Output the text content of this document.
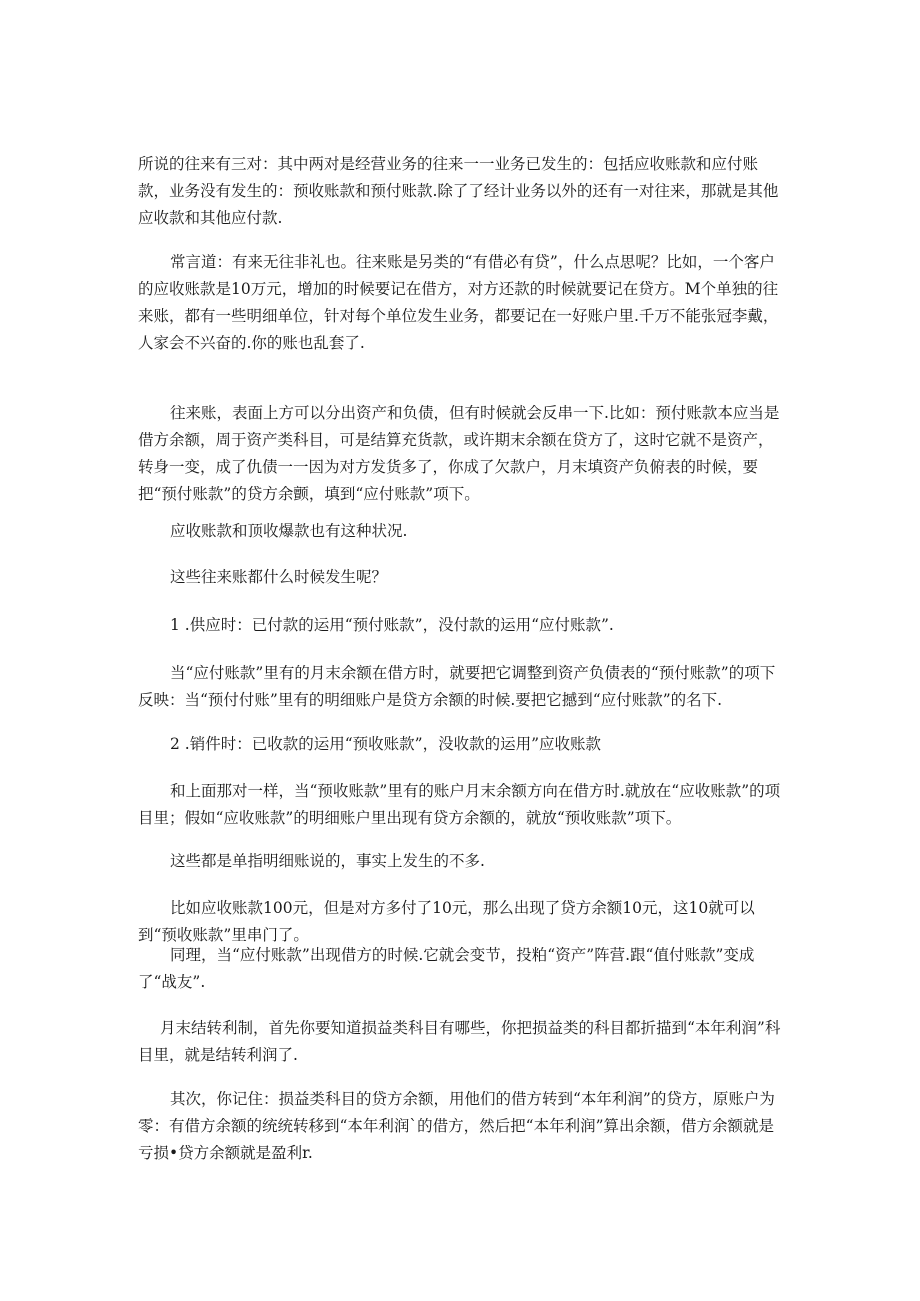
所说的往来有三对：其中两对是经营业务的往来一一业务已发生的：包括应收账款和应付账款，业务没有发生的：预收账款和预付账款.除了了经计业务以外的还有一对往来，那就是其他应收款和其他应付款.

常言道：有来无往非礼也。往来账是另类的“有借必有贷”，什么点思呢？比如，一个客户的应收账款是10万元，增加的时候要记在借方，对方还款的时候就要记在贷方。M个单独的往来账，都有一些明细单位，针对每个单位发生业务，都要记在一好账户里.千万不能张冠李戴，人家会不兴奋的.你的账也乱套了.

往来账，表面上方可以分出资产和负债，但有时候就会反串一下.比如：预付账款本应当是借方余额，周于资产类科目，可是结算充货款，或许期末余额在贷方了，这时它就不是资产，转身一变，成了仇债一一因为对方发货多了，你成了欠款户，月末填资产负俯表的时候，要把“预付账款”的贷方余颤，填到“应付账款”项下。

应收账款和顶收爆款也有这种状况.

这些往来账都什么时候发生呢？

1 .供应时：已付款的运用“预付账款”，没付款的运用“应付账款”.

当“应付账款”里有的月末余额在借方时，就要把它调整到资产负债表的“预付账款”的项下反映：当“预付付账”里有的明细账户是贷方余额的时候.要把它撼到“应付账款”的名下.

2 .销件时：已收款的运用“预收账款”，没收款的运用”应收账款

和上面那对一样，当“预收账款”里有的账户月末余额方向在借方时.就放在“应收账款”的项目里；假如“应收账款”的明细账户里出现有贷方余额的，就放“预收账款”项下。

这些都是单指明细账说的，事实上发生的不多.

比如应收账款100元，但是对方多付了10元，那么出现了贷方余额10元，这10就可以到“预收账款”里串门了。

同理，当“应付账款”出现借方的时候.它就会变节，投粕“资产”阵营.跟“值付账款”变成了“战友”.

月末结转利制，首先你要知道损益类科目有哪些，你把损益类的科目都折描到“本年利润”科目里，就是结转利润了.

其次，你记住：损益类科目的贷方余额，用他们的借方转到“本年利润”的贷方，原账户为零：有借方余额的统统转移到“本年利润`的借方，然后把“本年利润”算出余额，借方余额就是亏损•贷方余额就是盈利r.
